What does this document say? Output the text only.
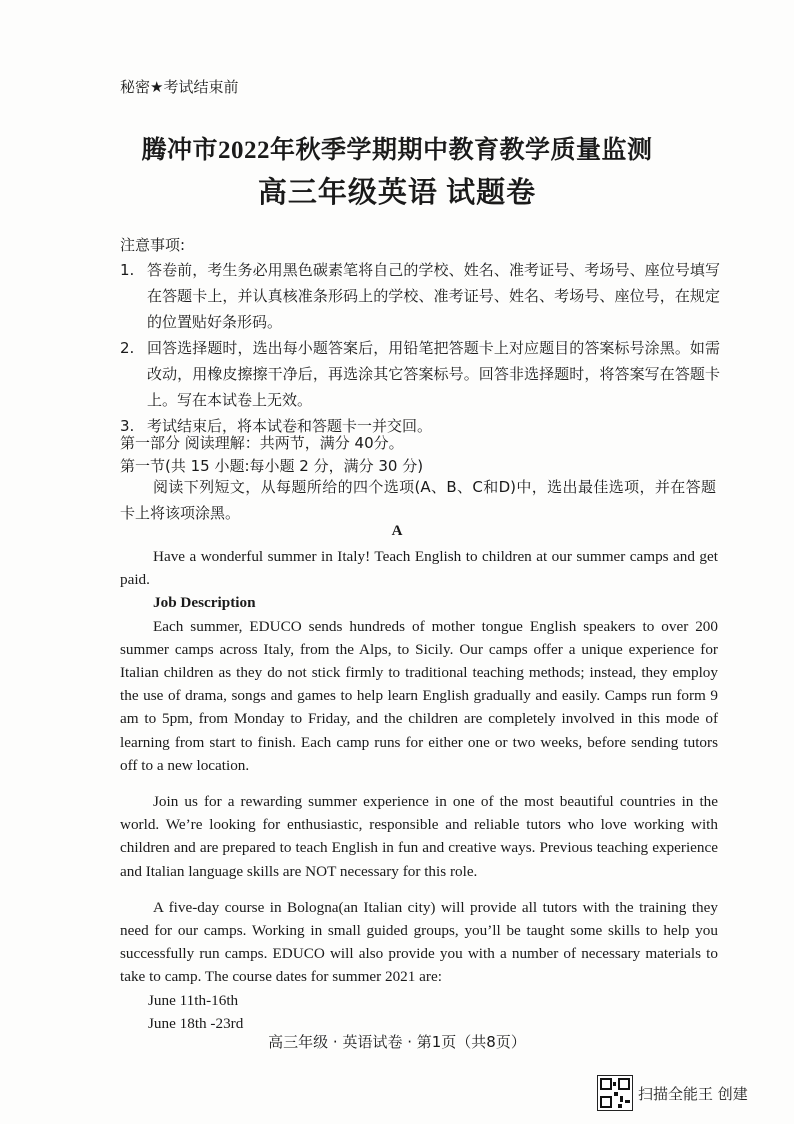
秘密★考试结束前
腾冲市2022年秋季学期期中教育教学质量监测
高三年级英语 试题卷
注意事项:
1. 答卷前，考生务必用黑色碳素笔将自己的学校、姓名、准考证号、考场号、座位号填写在答题卡上，并认真核准条形码上的学校、准考证号、姓名、考场号、座位号，在规定的位置贴好条形码。
2. 回答选择题时，选出每小题答案后，用铅笔把答题卡上对应题目的答案标号涂黑。如需改动，用橡皮擦擦干净后，再选涂其它答案标号。回答非选择题时，将答案写在答题卡上。写在本试卷上无效。
3. 考试结束后，将本试卷和答题卡一并交回。
第一部分 阅读理解：共两节，满分 40分。
第一节(共 15 小题:每小题 2 分，满分 30 分)
阅读下列短文，从每题所给的四个选项(A、B、C和D)中，选出最佳选项，并在答题卡上将该项涂黑。
A

Have a wonderful summer in Italy! Teach English to children at our summer camps and get paid.

Job Description

Each summer, EDUCO sends hundreds of mother tongue English speakers to over 200 summer camps across Italy, from the Alps, to Sicily. Our camps offer a unique experience for Italian children as they do not stick firmly to traditional teaching methods; instead, they employ the use of drama, songs and games to help learn English gradually and easily. Camps run form 9 am to 5pm, from Monday to Friday, and the children are completely involved in this mode of learning from start to finish. Each camp runs for either one or two weeks, before sending tutors off to a new location.

Join us for a rewarding summer experience in one of the most beautiful countries in the world. We’re looking for enthusiastic, responsible and reliable tutors who love working with children and are prepared to teach English in fun and creative ways. Previous teaching experience and Italian language skills are NOT necessary for this role.

A five-day course in Bologna(an Italian city) will provide all tutors with the training they need for our camps. Working in small guided groups, you’ll be taught some skills to help you successfully run camps. EDUCO will also provide you with a number of necessary materials to take to camp. The course dates for summer 2021 are:

June 11th-16th

June 18th -23rd

高三年级 · 英语试卷 · 第1页（共8页）
扫描全能王 创建
